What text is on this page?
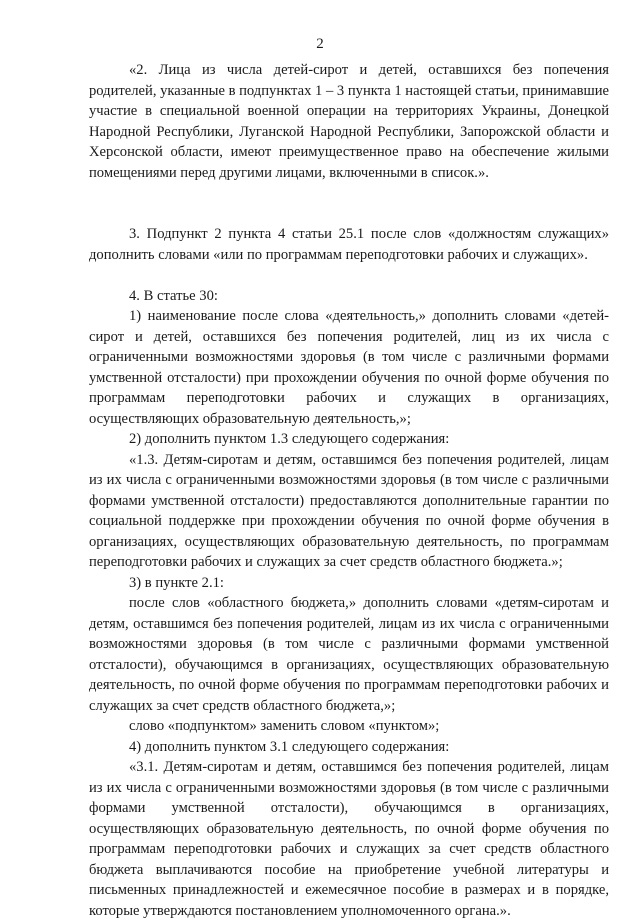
2

«2. Лица из числа детей-сирот и детей, оставшихся без попечения родителей, указанные в подпунктах 1 – 3 пункта 1 настоящей статьи, принимавшие участие в специальной военной операции на территориях Украины, Донецкой Народной Республики, Луганской Народной Республики, Запорожской области и Херсонской области, имеют преимущественное право на обеспечение жилыми помещениями перед другими лицами, включенными в список.».

3. Подпункт 2 пункта 4 статьи 25.1 после слов «должностям служащих» дополнить словами «или по программам переподготовки рабочих и служащих».

4. В статье 30:

1) наименование после слова «деятельность,» дополнить словами «детей-сирот и детей, оставшихся без попечения родителей, лиц из их числа с ограниченными возможностями здоровья (в том числе с различными формами умственной отсталости) при прохождении обучения по очной форме обучения по программам переподготовки рабочих и служащих в организациях, осуществляющих образовательную деятельность,»;

2) дополнить пунктом 1.3 следующего содержания:

«1.3. Детям-сиротам и детям, оставшимся без попечения родителей, лицам из их числа с ограниченными возможностями здоровья (в том числе с различными формами умственной отсталости) предоставляются дополнительные гарантии по социальной поддержке при прохождении обучения по очной форме обучения в организациях, осуществляющих образовательную деятельность, по программам переподготовки рабочих и служащих за счет средств областного бюджета.»;

3) в пункте 2.1:

после слов «областного бюджета,» дополнить словами «детям-сиротам и детям, оставшимся без попечения родителей, лицам из их числа с ограниченными возможностями здоровья (в том числе с различными формами умственной отсталости), обучающимся в организациях, осуществляющих образовательную деятельность, по очной форме обучения по программам переподготовки рабочих и служащих за счет средств областного бюджета,»;

слово «подпунктом» заменить словом «пунктом»;

4) дополнить пунктом 3.1 следующего содержания:

«3.1. Детям-сиротам и детям, оставшимся без попечения родителей, лицам из их числа с ограниченными возможностями здоровья (в том числе с различными формами умственной отсталости), обучающимся в организациях, осуществляющих образовательную деятельность, по очной форме обучения по программам переподготовки рабочих и служащих за счет средств областного бюджета выплачиваются пособие на приобретение учебной литературы и письменных принадлежностей и ежемесячное пособие в размерах и в порядке, которые утверждаются постановлением уполномоченного органа.».
